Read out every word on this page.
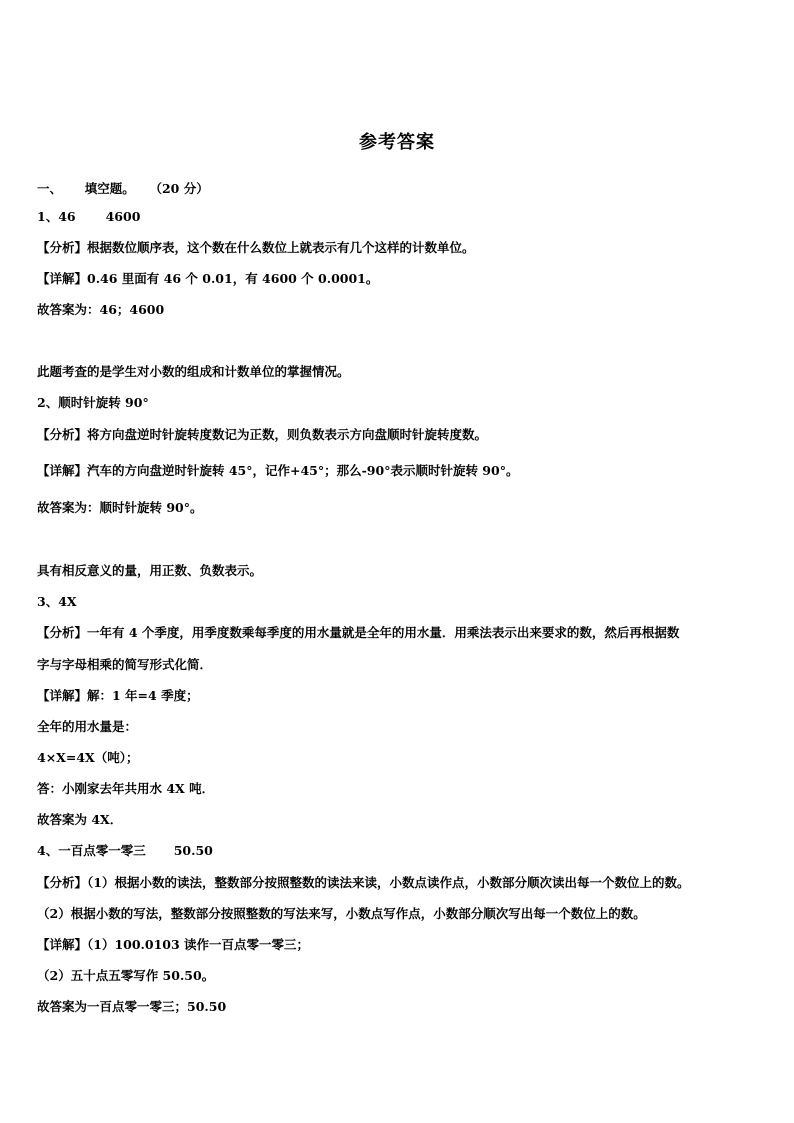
参考答案
一、 填空题。 （20 分）
1、46 4600
【分析】根据数位顺序表，这个数在什么数位上就表示有几个这样的计数单位。
【详解】0.46 里面有 46 个 0.01，有 4600 个 0.0001。
故答案为：46；4600
此题考查的是学生对小数的组成和计数单位的掌握情况。
2、顺时针旋转 90°
【分析】将方向盘逆时针旋转度数记为正数，则负数表示方向盘顺时针旋转度数。
【详解】汽车的方向盘逆时针旋转 45°，记作+45°；那么-90°表示顺时针旋转 90°。
故答案为：顺时针旋转 90°。
具有相反意义的量，用正数、负数表示。
3、4X
【分析】一年有 4 个季度，用季度数乘每季度的用水量就是全年的用水量．用乘法表示出来要求的数，然后再根据数
字与字母相乘的简写形式化简．
【详解】解：1 年=4 季度；
全年的用水量是：
4×X=4X（吨）；
答：小刚家去年共用水 4X 吨．
故答案为 4X．
4、一百点零一零三 50.50
【分析】（1）根据小数的读法，整数部分按照整数的读法来读，小数点读作点，小数部分顺次读出每一个数位上的数。
（2）根据小数的写法，整数部分按照整数的写法来写，小数点写作点，小数部分顺次写出每一个数位上的数。
【详解】（1）100.0103 读作一百点零一零三；
（2）五十点五零写作 50.50。
故答案为一百点零一零三；50.50
